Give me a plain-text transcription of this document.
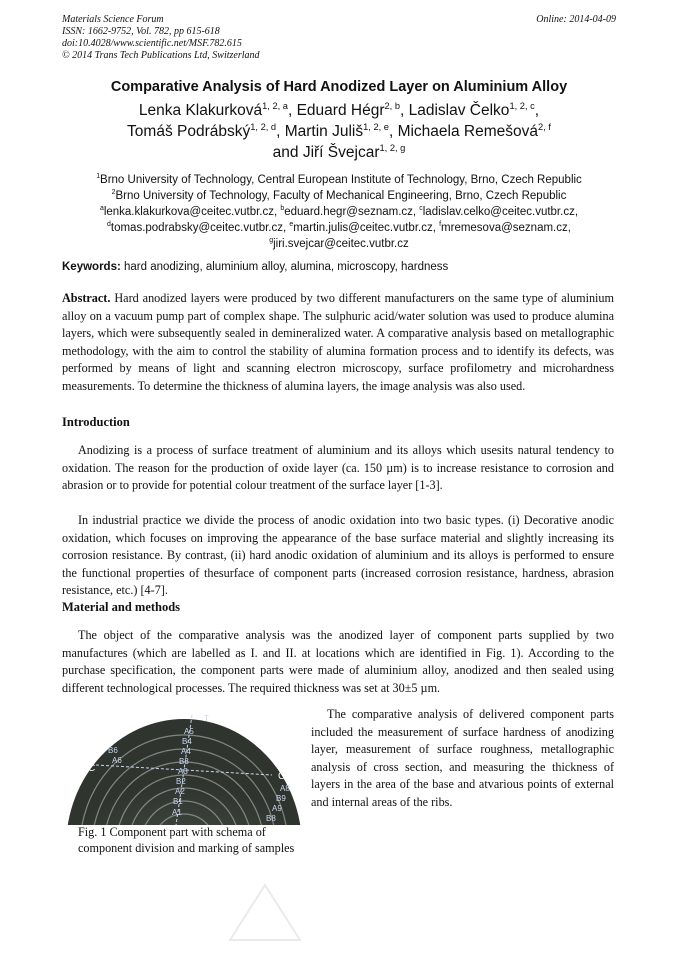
Materials Science Forum
ISSN: 1662-9752, Vol. 782, pp 615-618
doi:10.4028/www.scientific.net/MSF.782.615
© 2014 Trans Tech Publications Ltd, Switzerland
Online: 2014-04-09
Comparative Analysis of Hard Anodized Layer on Aluminium Alloy
Lenka Klakurková$^{1, 2, a}$, Eduard Hégr$^{2, b}$, Ladislav Čelko$^{1, 2, c}$,
Tomáš Podrábský$^{1, 2, d}$, Martin Juliš$^{1, 2, e}$, Michaela Remešová$^{2, f}$
and Jiří Švejcar$^{1, 2, g}$
$^1$Brno University of Technology, Central European Institute of Technology, Brno, Czech Republic
$^2$Brno University of Technology, Faculty of Mechanical Engineering, Brno, Czech Republic
$^a$lenka.klakurkova@ceitec.vutbr.cz, $^b$eduard.hegr@seznam.cz, $^c$ladislav.celko@ceitec.vutbr.cz,
$^d$tomas.podrabsky@ceitec.vutbr.cz, $^e$martin.julis@ceitec.vutbr.cz, $^f$mremesova@seznam.cz,
$^g$jiri.svejcar@ceitec.vutbr.cz
Keywords: hard anodizing, aluminium alloy, alumina, microscopy, hardness
Abstract. Hard anodized layers were produced by two different manufacturers on the same type of aluminium alloy on a vacuum pump part of complex shape. The sulphuric acid/water solution was used to produce alumina layers, which were subsequently sealed in demineralized water. A comparative analysis based on metallographic methodology, with the aim to control the stability of alumina formation process and to identify its defects, was performed by means of light and scanning electron microscopy, surface profilometry and microhardness measurements. To determine the thickness of alumina layers, the image analysis was also used.
Introduction
Anodizing is a process of surface treatment of aluminium and its alloys which usesits natural tendency to oxidation. The reason for the production of oxide layer (ca. 150 µm) is to increase resistance to corrosion and abrasion or to provide for potential colour treatment of the surface layer [1-3].
In industrial practice we divide the process of anodic oxidation into two basic types. (i) Decorative anodic oxidation, which focuses on improving the appearance of the base surface material and slightly increasing its corrosion resistance. By contrast, (ii) hard anodic oxidation of aluminium and its alloys is performed to ensure the functional properties of thesurface of component parts (increased corrosion resistance, hardness, abrasion resistance, etc.) [4-7].
Material and methods
The object of the comparative analysis was the anodized layer of component parts supplied by two manufactures (which are labelled as I. and II. at locations which are identified in Fig. 1). According to the purchase specification, the component parts were made of aluminium alloy, anodized and then sealed using different technological processes. The required thickness was set at 30±5 µm.
T
B6
A6
C
A5
B4
A4
B3
A3
B2
A2
B1
A1
C
A8
B9
A9
B8
Fig. 1 Component part with schema of component division and marking of samples
The comparative analysis of delivered component parts included the measurement of surface hardness of anodizing layer, measurement of surface roughness, metallographic analysis of cross section, and measuring the thickness of layers in the area of the base and atvarious points of external and internal areas of the ribs.
